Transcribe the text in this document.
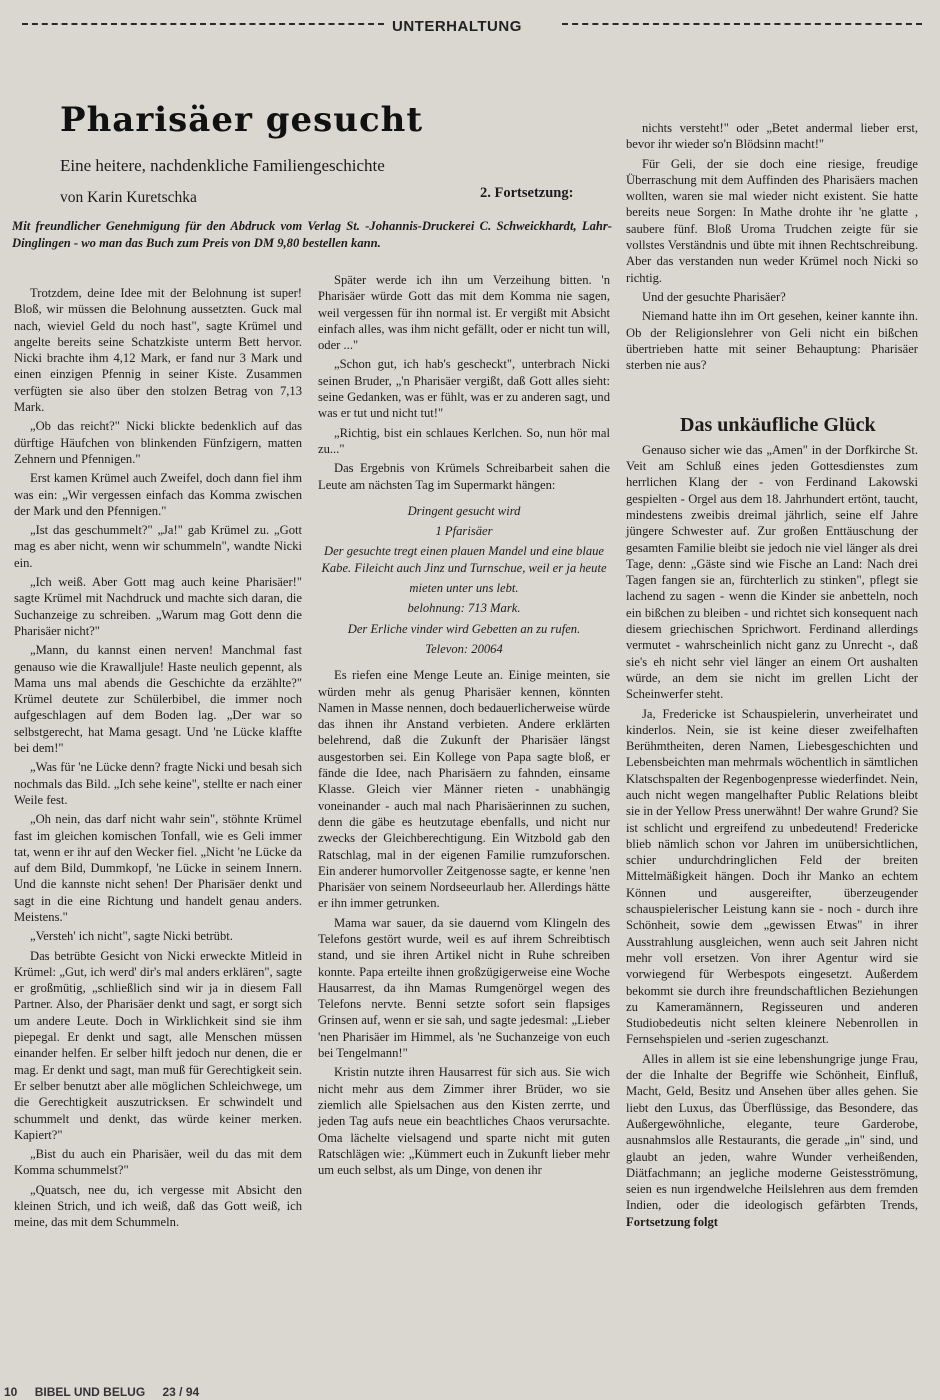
UNTERHALTUNG
Pharisäer gesucht
Eine heitere, nachdenkliche Familiengeschichte
von Karin Kuretschka	2. Fortsetzung:
Mit freundlicher Genehmigung für den Abdruck vom Verlag St. -Johannis-Druckerei C. Schweickhardt, Lahr-Dinglingen - wo man das Buch zum Preis von DM 9,80 bestellen kann.

Trotzdem, deine Idee mit der Belohnung ist super! Bloß, wir müssen die Belohnung aussetzten. Guck mal nach, wieviel Geld du noch hast", sagte Krümel und angelte bereits seine Schatzkiste unterm Bett hervor. Nicki brachte ihm 4,12 Mark, er fand nur 3 Mark und einen einzigen Pfennig in seiner Kiste. Zusammen verfügten sie also über den stolzen Betrag von 7,13 Mark.

„Ob das reicht?" Nicki blickte bedenklich auf das dürftige Häufchen von blinkenden Fünfzigern, matten Zehnern und Pfennigen."

Erst kamen Krümel auch Zweifel, doch dann fiel ihm was ein: „Wir vergessen einfach das Komma zwischen der Mark und den Pfennigen."

„Ist das geschummelt?" „Ja!" gab Krümel zu. „Gott mag es aber nicht, wenn wir schummeln", wandte Nicki ein.

„Ich weiß. Aber Gott mag auch keine Pharisäer!" sagte Krümel mit Nachdruck und machte sich daran, die Suchanzeige zu schreiben. „Warum mag Gott denn die Pharisäer nicht?"

„Mann, du kannst einen nerven! Manchmal fast genauso wie die Krawalljule! Haste neulich gepennt, als Mama uns mal abends die Geschichte da erzählte?" Krümel deutete zur Schülerbibel, die immer noch aufgeschlagen auf dem Boden lag. „Der war so selbstgerecht, hat Mama gesagt. Und 'ne Lücke klaffte bei dem!"

„Was für 'ne Lücke denn? fragte Nicki und besah sich nochmals das Bild. „Ich sehe keine", stellte er nach einer Weile fest.

„Oh nein, das darf nicht wahr sein", stöhnte Krümel fast im gleichen komischen Tonfall, wie es Geli immer tat, wenn er ihr auf den Wecker fiel. „Nicht 'ne Lücke da auf dem Bild, Dummkopf, 'ne Lücke in seinem Innern. Und die kannste nicht sehen! Der Pharisäer denkt und sagt in die eine Richtung und handelt genau anders. Meistens."

„Versteh' ich nicht", sagte Nicki betrübt.

Das betrübte Gesicht von Nicki erweckte Mitleid in Krümel: „Gut, ich werd' dir's mal anders erklären", sagte er großmütig, „schließlich sind wir ja in diesem Fall Partner. Also, der Pharisäer denkt und sagt, er sorgt sich um andere Leute. Doch in Wirklichkeit sind sie ihm piepegal. Er denkt und sagt, alle Menschen müssen einander helfen. Er selber hilft jedoch nur denen, die er mag. Er denkt und sagt, man muß für Gerechtigkeit sein. Er selber benutzt aber alle möglichen Schleichwege, um die Gerechtigkeit auszutricksen. Er schwindelt und schummelt und denkt, das würde keiner merken. Kapiert?"

„Bist du auch ein Pharisäer, weil du das mit dem Komma schummelst?"

„Quatsch, nee du, ich vergesse mit Absicht den kleinen Strich, und ich weiß, daß das Gott weiß, ich meine, das mit dem Schummeln.

Später werde ich ihn um Verzeihung bitten. 'n Pharisäer würde Gott das mit dem Komma nie sagen, weil vergessen für ihn normal ist. Er vergißt mit Absicht einfach alles, was ihm nicht gefällt, oder er nicht tun will, oder ..."

„Schon gut, ich hab's gescheckt", unterbrach Nicki seinen Bruder, „'n Pharisäer vergißt, daß Gott alles sieht: seine Gedanken, was er fühlt, was er zu anderen sagt, und was er tut und nicht tut!"

„Richtig, bist ein schlaues Kerlchen. So, nun hör mal zu..."

Das Ergebnis von Krümels Schreibarbeit sahen die Leute am nächsten Tag im Supermarkt hängen:

Dringent gesucht wird
1 Pfarisäer
Der gesuchte tregt einen plauen Mandel und eine blaue Kabe. Fileicht auch Jinz und Turnschue, weil er ja heute
mieten unter uns lebt.
belohnung: 713 Mark.
Der Erliche vinder wird Gebetten an zu rufen.
Televon: 20064

Es riefen eine Menge Leute an. Einige meinten, sie würden mehr als genug Pharisäer kennen, könnten Namen in Masse nennen, doch bedauerlicherweise würde das ihnen ihr Anstand verbieten. Andere erklärten belehrend, daß die Zukunft der Pharisäer längst ausgestorben sei. Ein Kollege von Papa sagte bloß, er fände die Idee, nach Pharisäern zu fahnden, einsame Klasse. Gleich vier Männer rieten - unabhängig voneinander - auch mal nach Pharisäerinnen zu suchen, denn die gäbe es heutzutage ebenfalls, und nicht nur zwecks der Gleichberechtigung. Ein Witzbold gab den Ratschlag, mal in der eigenen Familie rumzuforschen. Ein anderer humorvoller Zeitgenosse sagte, er kenne 'nen Pharisäer von seinem Nordseeurlaub her. Allerdings hätte er ihn immer getrunken.

Mama war sauer, da sie dauernd vom Klingeln des Telefons gestört wurde, weil es auf ihrem Schreibtisch stand, und sie ihren Artikel nicht in Ruhe schreiben konnte. Papa erteilte ihnen großzügigerweise eine Woche Hausarrest, da ihn Mamas Rumgenörgel wegen des Telefons nervte. Benni setzte sofort sein flapsiges Grinsen auf, wenn er sie sah, und sagte jedesmal: „Lieber 'nen Pharisäer im Himmel, als 'ne Suchanzeige von euch bei Tengelmann!"

Kristin nutzte ihren Hausarrest für sich aus. Sie wich nicht mehr aus dem Zimmer ihrer Brüder, wo sie ziemlich alle Spielsachen aus den Kisten zerrte, und jeden Tag aufs neue ein beachtliches Chaos verursachte. Oma lächelte vielsagend und sparte nicht mit guten Ratschlägen wie: „Kümmert euch in Zukunft lieber mehr um euch selbst, als um Dinge, von denen ihr

nichts versteht!" oder „Betet andermal lieber erst, bevor ihr wieder so'n Blödsinn macht!"

Für Geli, der sie doch eine riesige, freudige Überraschung mit dem Auffinden des Pharisäers machen wollten, waren sie mal wieder nicht existent. Sie hatte bereits neue Sorgen: In Mathe drohte ihr 'ne glatte , saubere fünf. Bloß Uroma Trudchen zeigte für sie vollstes Verständnis und übte mit ihnen Rechtschreibung. Aber das verstanden nun weder Krümel noch Nicki so richtig.

Und der gesuchte Pharisäer?

Niemand hatte ihn im Ort gesehen, keiner kannte ihn. Ob der Religionslehrer von Geli nicht ein bißchen übertrieben hatte mit seiner Behauptung: Pharisäer sterben nie aus?

Das unkäufliche Glück

Genauso sicher wie das „Amen" in der Dorfkirche St. Veit am Schluß eines jeden Gottesdienstes zum herrlichen Klang der - von Ferdinand Lakowski gespielten - Orgel aus dem 18. Jahrhundert ertönt, taucht, mindestens zweibis dreimal jährlich, seine elf Jahre jüngere Schwester auf. Zur großen Enttäuschung der gesamten Familie bleibt sie jedoch nie viel länger als drei Tage, denn: „Gäste sind wie Fische an Land: Nach drei Tagen fangen sie an, fürchterlich zu stinken", pflegt sie lachend zu sagen - wenn die Kinder sie anbetteln, noch ein bißchen zu bleiben - und richtet sich konsequent nach diesem griechischen Sprichwort. Ferdinand allerdings vermutet - wahrscheinlich nicht ganz zu Unrecht -, daß sie's eh nicht sehr viel länger an einem Ort aushalten würde, an dem sie nicht im grellen Licht der Scheinwerfer steht.

Ja, Fredericke ist Schauspielerin, unverheiratet und kinderlos. Nein, sie ist keine dieser zweifelhaften Berühmtheiten, deren Namen, Liebesgeschichten und Lebensbeichten man mehrmals wöchentlich in sämtlichen Klatschspalten der Regenbogenpresse wiederfindet. Nein, auch nicht wegen mangelhafter Public Relations bleibt sie in der Yellow Press unerwähnt! Der wahre Grund? Sie ist schlicht und ergreifend zu unbedeutend! Fredericke blieb nämlich schon vor Jahren im unübersichtlichen, schier undurchdringlichen Feld der breiten Mittelmäßigkeit hängen. Doch ihr Manko an echtem Können und ausgereifter, überzeugender schauspielerischer Leistung kann sie - noch - durch ihre Schönheit, sowie dem „gewissen Etwas" in ihrer Ausstrahlung ausgleichen, wenn auch seit Jahren nicht mehr voll ersetzen. Von ihrer Agentur wird sie vorwiegend für Werbespots eingesetzt. Außerdem bekommt sie durch ihre freundschaftlichen Beziehungen zu Kameramännern, Regisseuren und anderen Studiobedeutis nicht selten kleinere Nebenrollen in Fernsehspielen und -serien zugeschanzt.

Alles in allem ist sie eine lebenshungrige junge Frau, der die Inhalte der Begriffe wie Schönheit, Einfluß, Macht, Geld, Besitz und Ansehen über alles gehen. Sie liebt den Luxus, das Überflüssige, das Besondere, das Außergewöhnliche, elegante, teure Garderobe, ausnahmslos alle Restaurants, die gerade „in" sind, und glaubt an jeden, wahre Wunder verheißenden, Diätfachmann; an jegliche moderne Geistesströmung, seien es nun irgendwelche Heilslehren aus dem fremden Indien, oder die ideologisch gefärbten Trends, Fortsetzung folgt

10 BIBEL UND BELUG 23 / 94
